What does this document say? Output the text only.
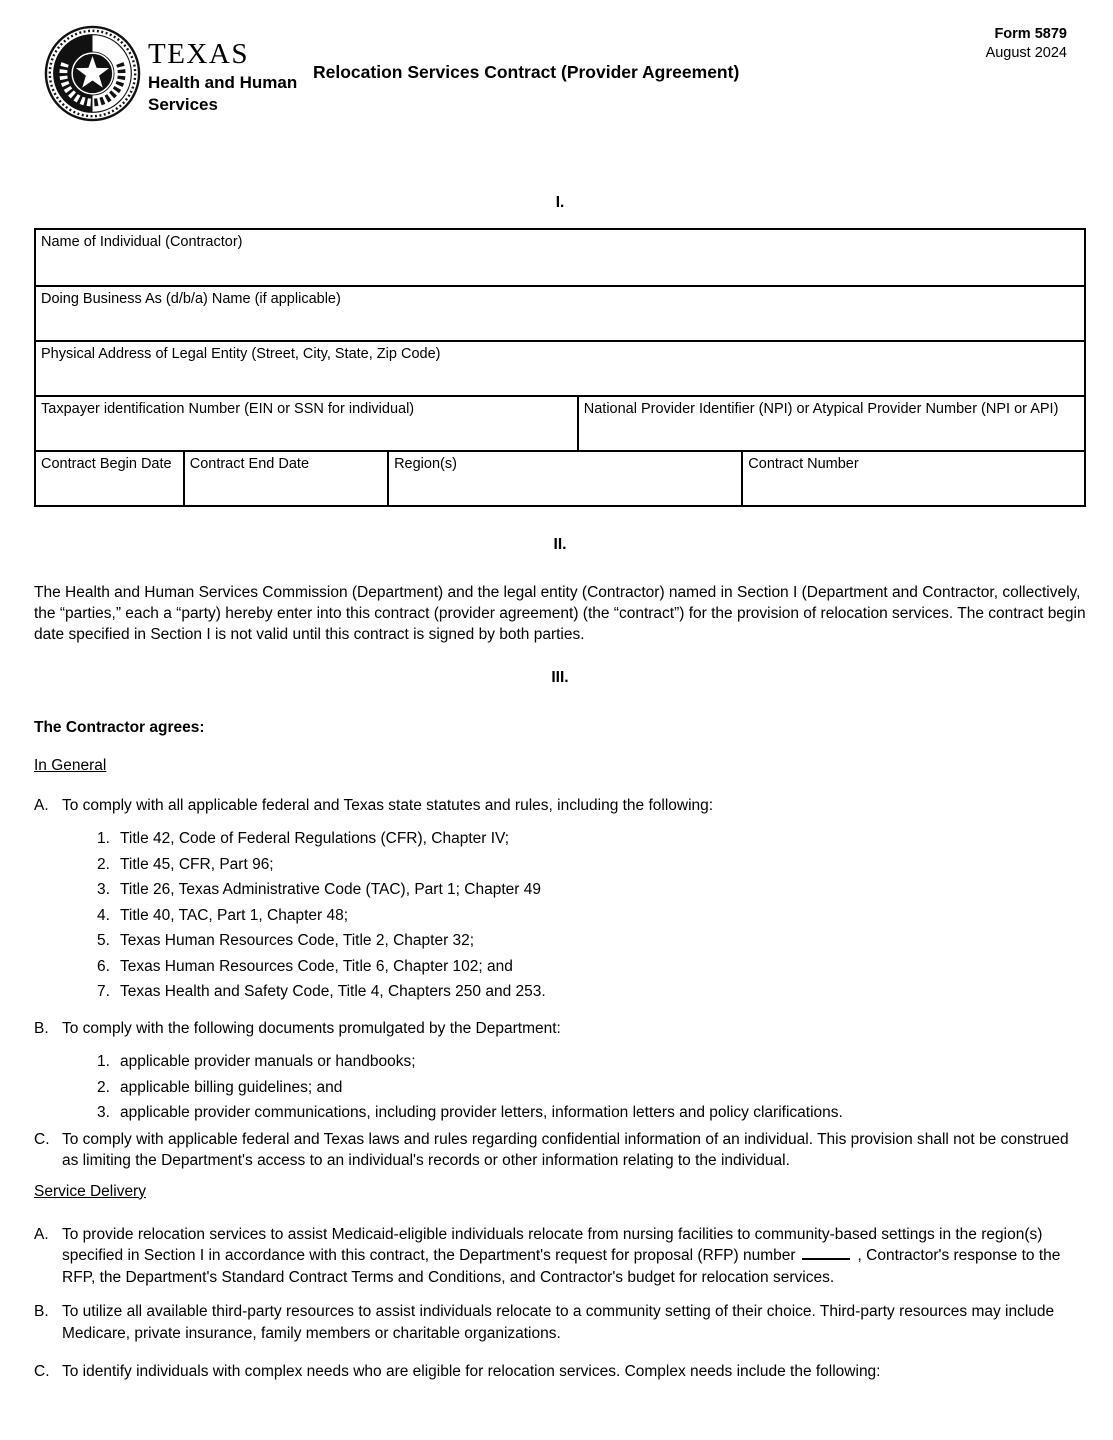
TEXAS
Health and Human
Services
Relocation Services Contract (Provider Agreement)
Form 5879
August 2024
I.
Name of Individual (Contractor)
Doing Business As (d/b/a) Name (if applicable)
Physical Address of Legal Entity (Street, City, State, Zip Code)
Taxpayer identification Number (EIN or SSN for individual)	National Provider Identifier (NPI) or Atypical Provider Number (NPI or API)
Contract Begin Date	Contract End Date	Region(s)	Contract Number
II.
The Health and Human Services Commission (Department) and the legal entity (Contractor) named in Section I (Department and Contractor, collectively, the “parties,” each a “party) hereby enter into this contract (provider agreement) (the “contract”) for the provision of relocation services. The contract begin date specified in Section I is not valid until this contract is signed by both parties.
III.
The Contractor agrees:
In General
A. To comply with all applicable federal and Texas state statutes and rules, including the following:
1. Title 42, Code of Federal Regulations (CFR), Chapter IV;
2. Title 45, CFR, Part 96;
3. Title 26, Texas Administrative Code (TAC), Part 1; Chapter 49
4. Title 40, TAC, Part 1, Chapter 48;
5. Texas Human Resources Code, Title 2, Chapter 32;
6. Texas Human Resources Code, Title 6, Chapter 102; and
7. Texas Health and Safety Code, Title 4, Chapters 250 and 253.
B. To comply with the following documents promulgated by the Department:
1. applicable provider manuals or handbooks;
2. applicable billing guidelines; and
3. applicable provider communications, including provider letters, information letters and policy clarifications.
C. To comply with applicable federal and Texas laws and rules regarding confidential information of an individual. This provision shall not be construed as limiting the Department's access to an individual's records or other information relating to the individual.
Service Delivery
A. To provide relocation services to assist Medicaid-eligible individuals relocate from nursing facilities to community-based settings in the region(s) specified in Section I in accordance with this contract, the Department's request for proposal (RFP) number	, Contractor's response to the RFP, the Department's Standard Contract Terms and Conditions, and Contractor's budget for relocation services.
B. To utilize all available third-party resources to assist individuals relocate to a community setting of their choice. Third-party resources may include Medicare, private insurance, family members or charitable organizations.
C. To identify individuals with complex needs who are eligible for relocation services. Complex needs include the following:
